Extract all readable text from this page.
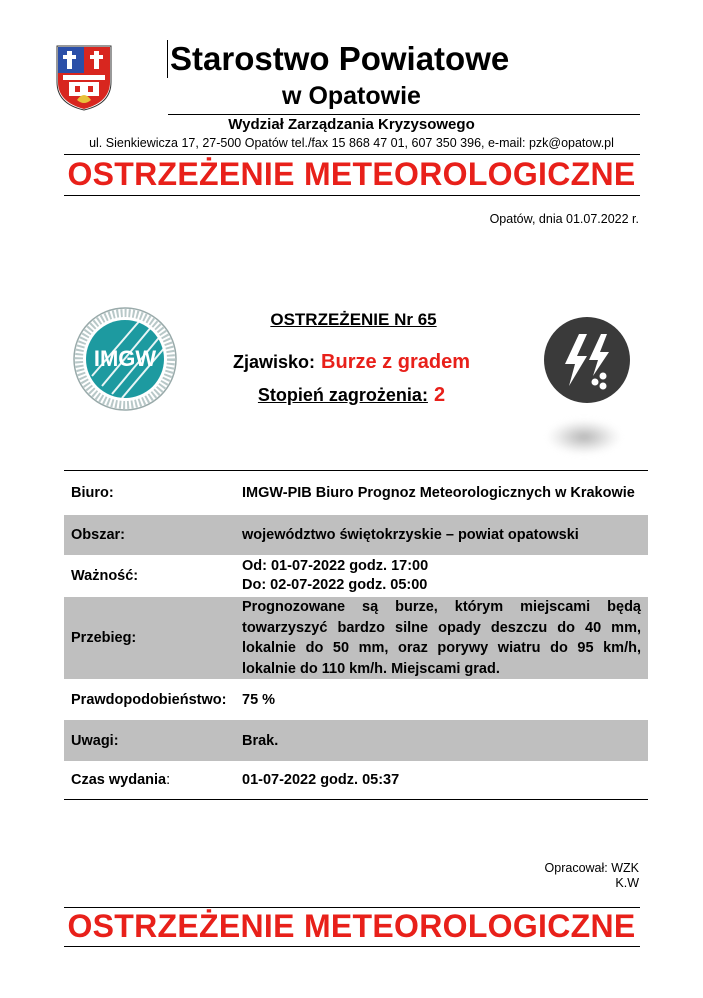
Starostwo Powiatowe
w Opatowie
Wydział Zarządzania Kryzysowego
ul. Sienkiewicza 17, 27-500 Opatów tel./fax 15 868 47 01, 607 350 396, e-mail: pzk@opatow.pl
OSTRZEŻENIE METEOROLOGICZNE
Opatów, dnia 01.07.2022 r.
IMGW
OSTRZEŻENIE Nr 65
Zjawisko: Burze z gradem
Stopień zagrożenia: 2
Biuro:	IMGW-PIB Biuro Prognoz Meteorologicznych w Krakowie
Obszar:	województwo świętokrzyskie – powiat opatowski
Ważność:	Od: 01-07-2022 godz. 17:00
Do: 02-07-2022 godz. 05:00

Przebieg:	Prognozowane są burze, którym miejscami będą towarzyszyć bardzo silne opady deszczu do 40 mm, lokalnie do 50 mm, oraz porywy wiatru do 95 km/h, lokalnie do 110 km/h. Miejscami grad.
Prawdopodobieństwo:	75 %
Uwagi:	Brak.
Czas wydania:	01-07-2022 godz. 05:37
Opracował: WZK
K.W
OSTRZEŻENIE METEOROLOGICZNE
